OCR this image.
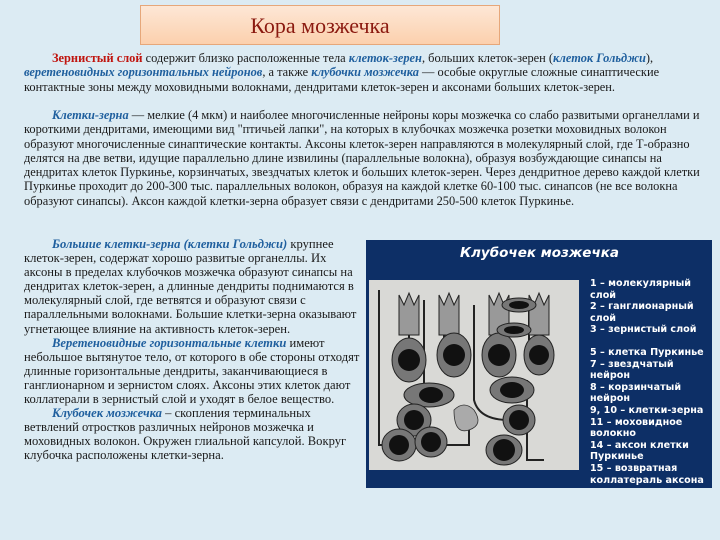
Кора мозжечка

Зернистый слой содержит близко расположенные тела клеток-зерен, больших клеток-зерен (клеток Гольджи), веретеновидных горизонтальных нейронов, а также клубочки мозжечка — особые округлые сложные синаптические контактные зоны между моховидными волокнами, дендритами клеток-зерен и аксонами больших клеток-зерен.

Клетки-зерна — мелкие (4 мкм) и наиболее многочисленные нейроны коры мозжечка со слабо развитыми органеллами и короткими дендритами, имеющими вид "птичьей лапки", на которых в клубочках мозжечка розетки моховидных волокон образуют многочисленные синаптические контакты. Аксоны клеток-зерен направляются в молекулярный слой, где Т-образно делятся на две ветви, идущие параллельно длине извилины (параллельные волокна), образуя возбуждающие синапсы на дендритах клеток Пуркинье, корзинчатых, звездчатых клеток и больших клеток-зерен. Через дендритное дерево каждой клетки Пуркинье проходит до 200-300 тыс. параллельных волокон, образуя на каждой клетке 60-100 тыс. синапсов (не все волокна образуют синапсы). Аксон каждой клетки-зерна образует связи с дендритами 250-500 клеток Пуркинье.

Большие клетки-зерна (клетки Гольджи) крупнее клеток-зерен, содержат хорошо развитые органеллы. Их аксоны в пределах клубочков мозжечка образуют синапсы на дендритах клеток-зерен, а длинные дендриты поднимаются в молекулярный слой, где ветвятся и образуют связи с параллельными волокнами. Большие клетки-зерна оказывают угнетающее влияние на активность клеток-зерен.
Веретеновидные горизонтальные клетки имеют небольшое вытянутое тело, от которого в обе стороны отходят длинные горизонтальные дендриты, заканчивающиеся в ганглионарном и зернистом слоях. Аксоны этих клеток дают коллатерали в зернистый слой и уходят в белое вещество.
Клубочек мозжечка – скопления терминальных ветвлений отростков различных нейронов мозжечка и моховидных волокон. Окружен глиальной капсулой. Вокруг клубочка расположены клетки-зерна.
Клубочек мозжечка
1 – молекулярный слой
2 – ганглионарный слой
3 – зернистый слой
5 – клетка Пуркинье
7 – звездчатый нейрон
8 – корзинчатый нейрон
9, 10 – клетки-зерна
11 – моховидное волокно
14 – аксон клетки Пуркинье
15 – возвратная коллатераль аксона
